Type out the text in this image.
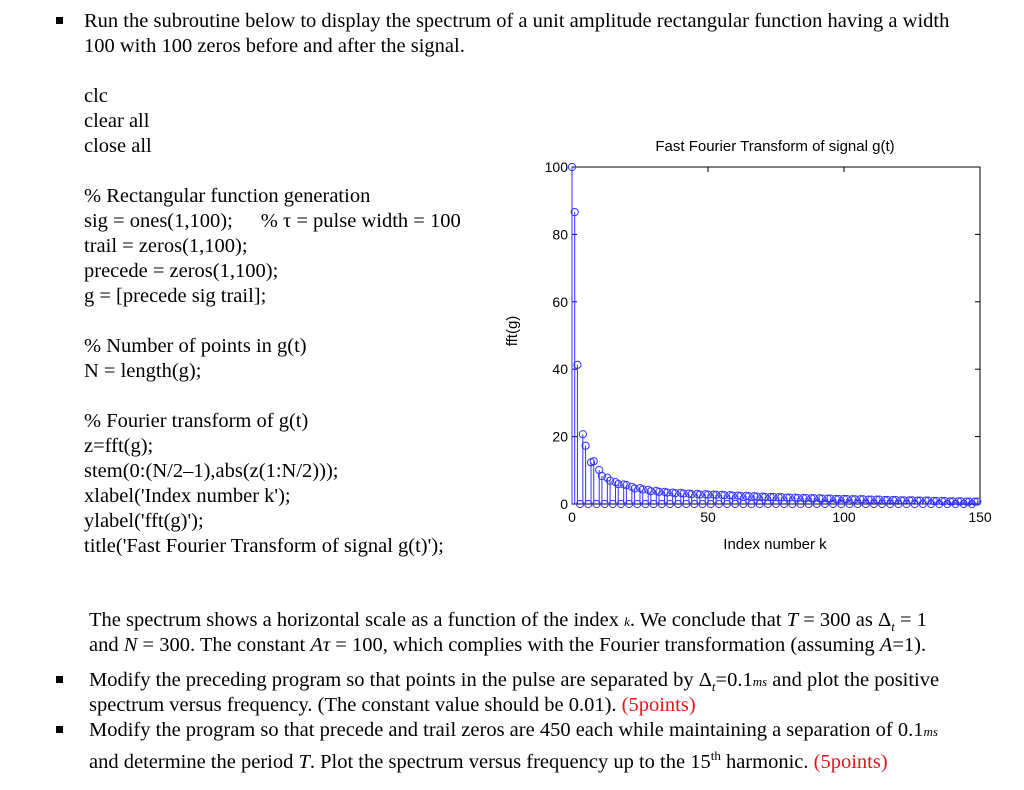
Run the subroutine below to display the spectrum of a unit amplitude rectangular function having a width
100 with 100 zeros before and after the signal.
clc
clear all
close all
% Rectangular function generation
sig = ones(1,100); % τ = pulse width = 100
trail = zeros(1,100);
precede = zeros(1,100);
g = [precede sig trail];
% Number of points in g(t)
N = length(g);
% Fourier transform of g(t)
z=fft(g);
stem(0:(N/2–1),abs(z(1:N/2)));
xlabel('Index number k');
ylabel('fft(g)');
title('Fast Fourier Transform of signal g(t)');
Fast Fourier Transform of signal g(t)
fft(g)
Index number k
0	50	100	150
0
20
40
60
80
100
The spectrum shows a horizontal scale as a function of the index k. We conclude that T = 300 as $\Delta_t = 1$
and N = 300. The constant Aτ = 100, which complies with the Fourier transformation (assuming A=1).
Modify the preceding program so that points in the pulse are separated by $\Delta_t=0.1ms$ and plot the positive
spectrum versus frequency. (The constant value should be 0.01). (5points)
Modify the program so that precede and trail zeros are 450 each while maintaining a separation of 0.1ms
and determine the period T. Plot the spectrum versus frequency up to the 15th harmonic. (5points)
